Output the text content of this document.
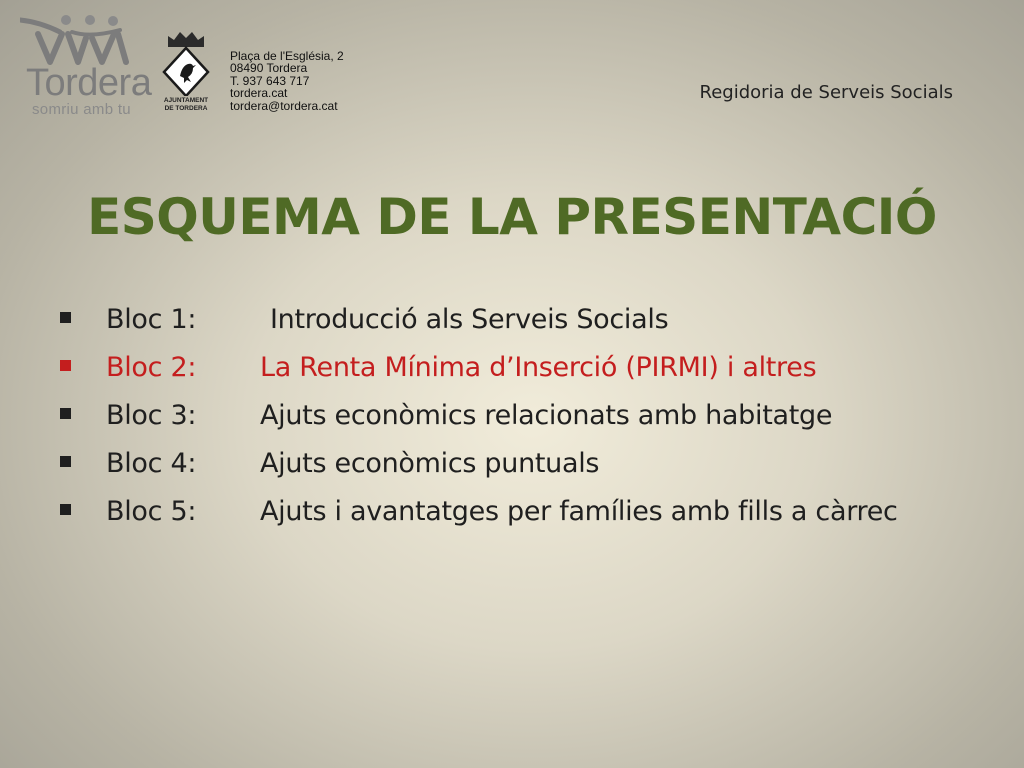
Tordera
somriu amb tu
AJUNTAMENT
DE TORDERA
Plaça de l'Església, 2
08490 Tordera
T. 937 643 717
tordera.cat
tordera@tordera.cat
Regidoria de Serveis Socials
ESQUEMA DE LA PRESENTACIÓ
Bloc 1:	Introducció als Serveis Socials
Bloc 2:	La Renta Mínima d’Inserció (PIRMI) i altres
Bloc 3:	Ajuts econòmics relacionats amb habitatge
Bloc 4:	Ajuts econòmics puntuals
Bloc 5:	Ajuts i avantatges per famílies amb fills a càrrec
